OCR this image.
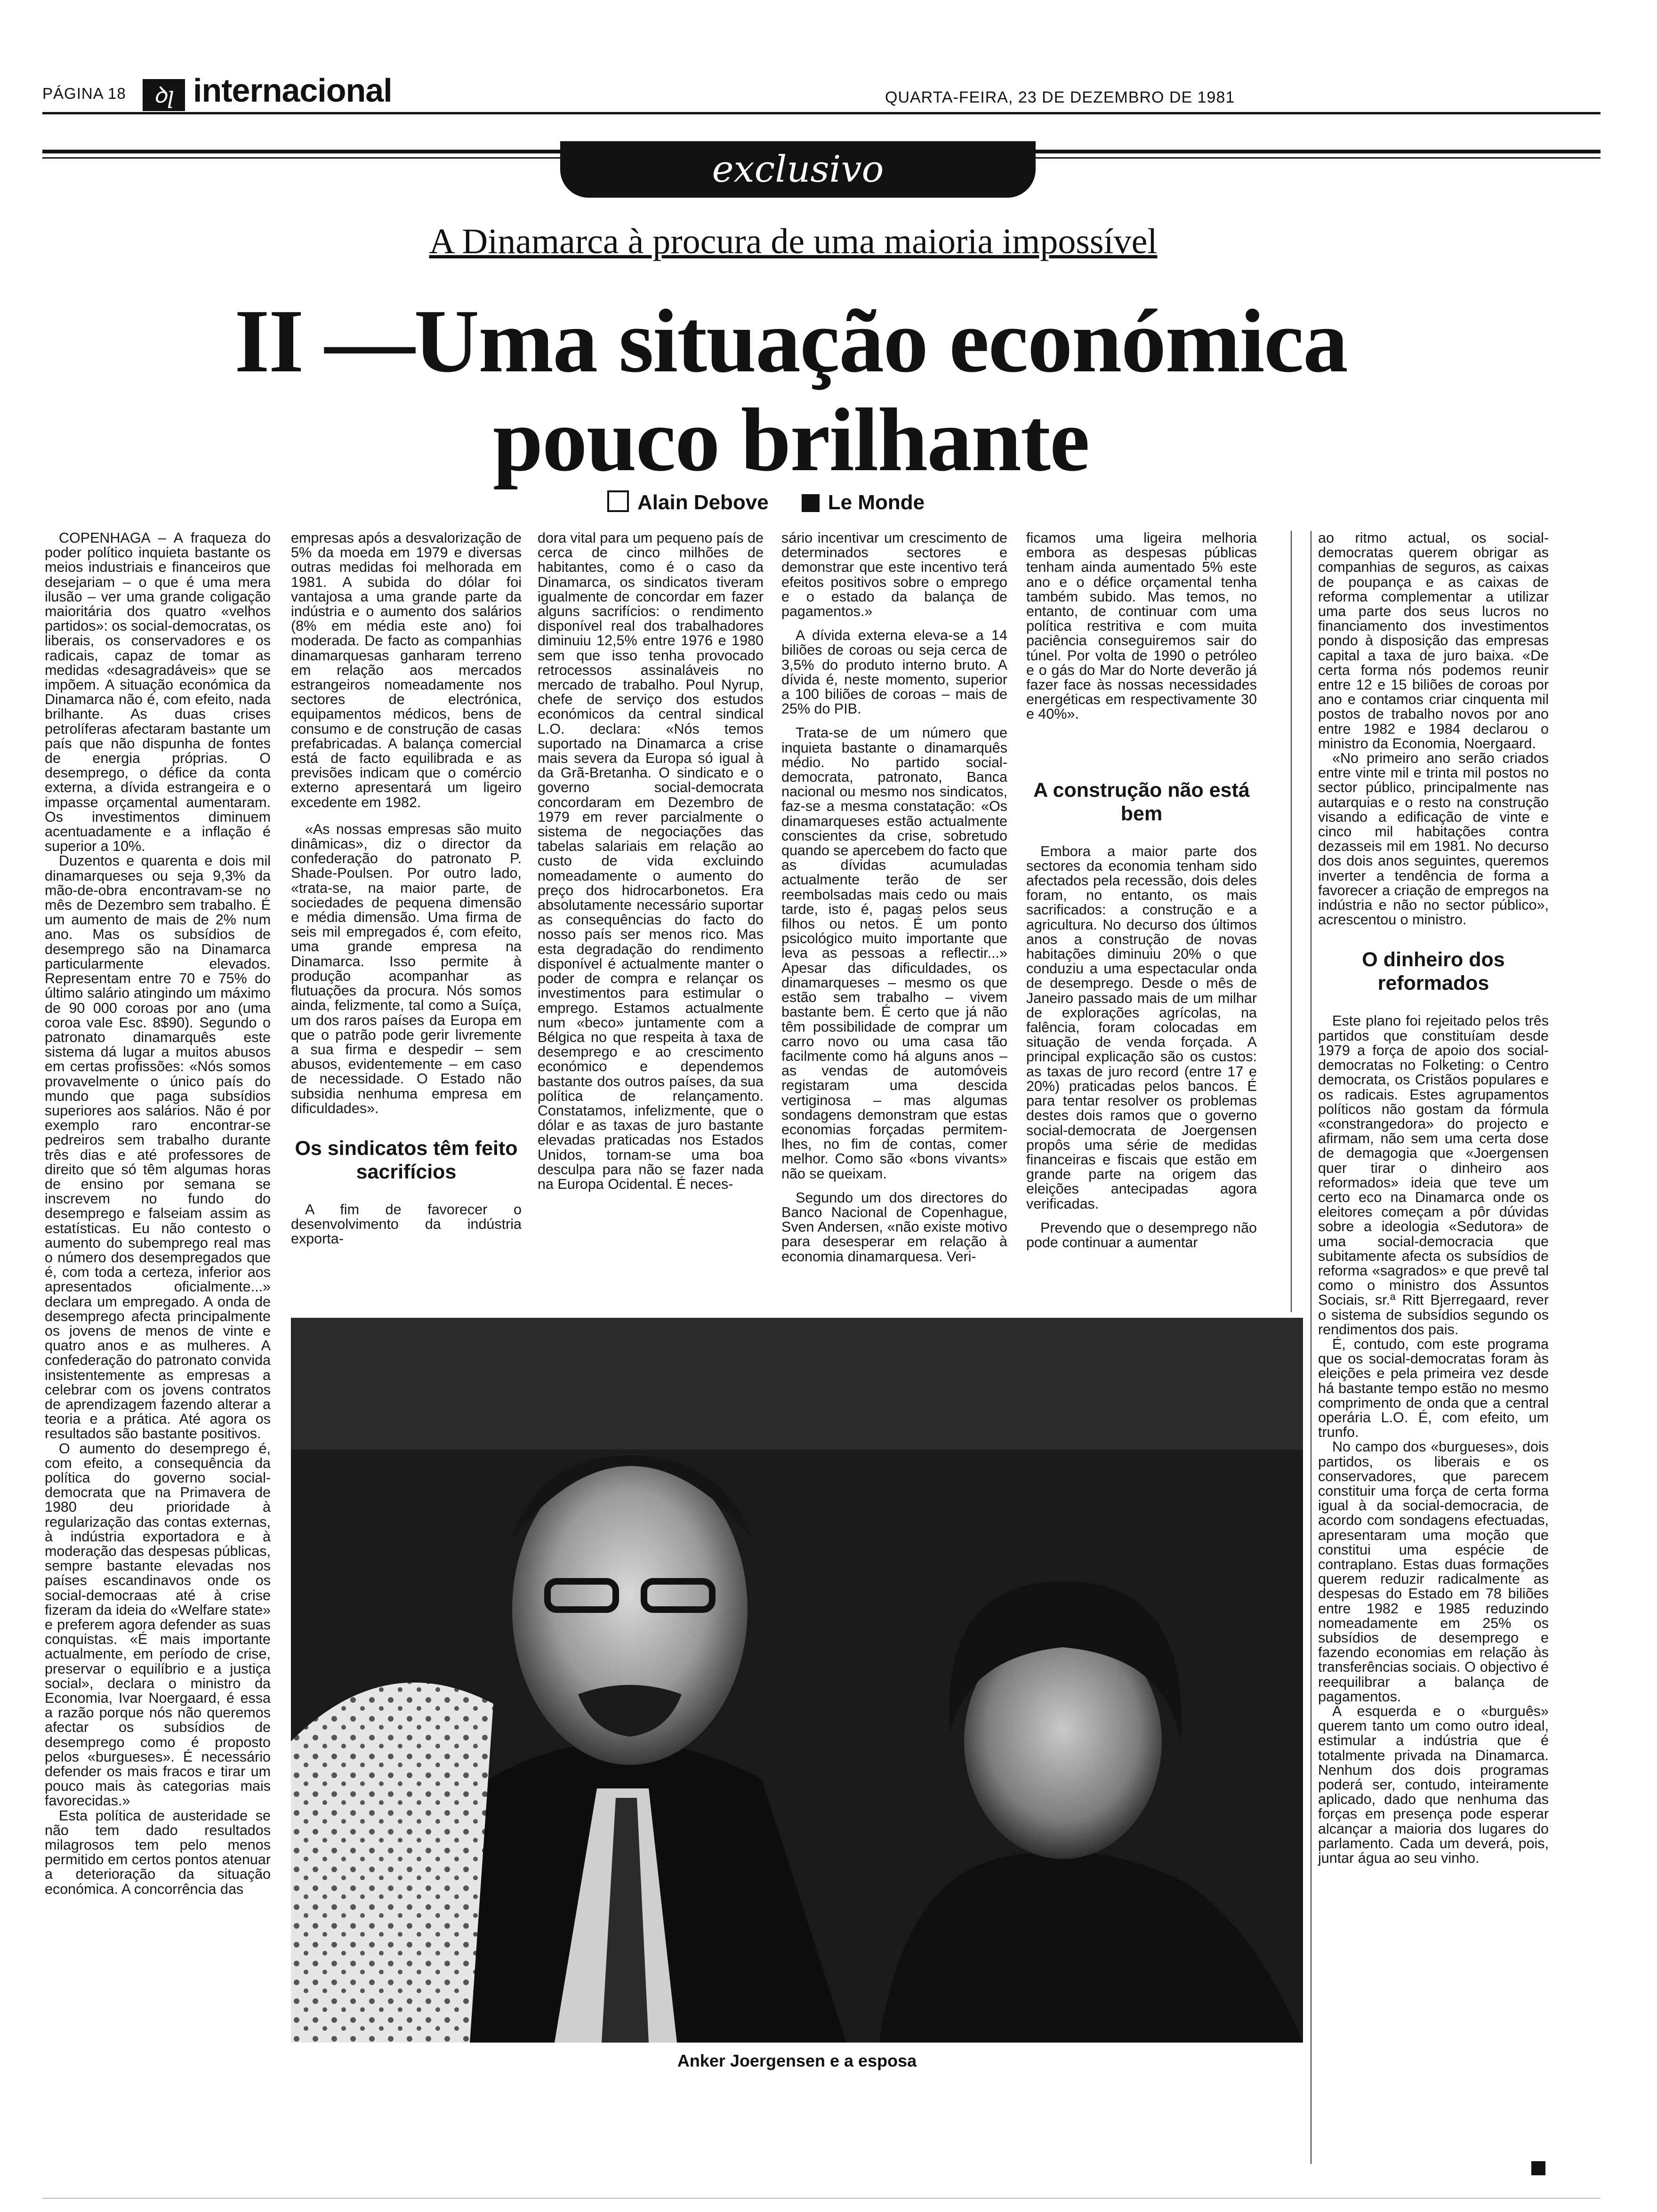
PÁGINA 18	ꝺꞁ internacional	QUARTA-FEIRA, 23 DE DEZEMBRO DE 1981
exclusivo
A Dinamarca à procura de uma maioria impossível
II —Uma situação económica
pouco brilhante
Alain Debove	Le Monde

COPENHAGA – A fraqueza do poder político inquieta bastante os meios industriais e financeiros que desejariam – o que é uma mera ilusão – ver uma grande coligação maioritária dos quatro «velhos partidos»: os social-democratas, os liberais, os conservadores e os radicais, capaz de tomar as medidas «desagradáveis» que se impõem. A situação económica da Dinamarca não é, com efeito, nada brilhante. As duas crises petrolíferas afectaram bastante um país que não dispunha de fontes de energia próprias. O desemprego, o défice da conta externa, a dívida estrangeira e o impasse orçamental aumentaram. Os investimentos diminuem acentuadamente e a inflação é superior a 10%.

Duzentos e quarenta e dois mil dinamarqueses ou seja 9,3% da mão-de-obra encontravam-se no mês de Dezembro sem trabalho. É um aumento de mais de 2% num ano. Mas os subsídios de desemprego são na Dinamarca particularmente elevados. Representam entre 70 e 75% do último salário atingindo um máximo de 90 000 coroas por ano (uma coroa vale Esc. 8$90). Segundo o patronato dinamarquês este sistema dá lugar a muitos abusos em certas profissões: «Nós somos provavelmente o único país do mundo que paga subsídios superiores aos salários. Não é por exemplo raro encontrar-se pedreiros sem trabalho durante três dias e até professores de direito que só têm algumas horas de ensino por semana se inscrevem no fundo do desemprego e falseiam assim as estatísticas. Eu não contesto o aumento do subemprego real mas o número dos desempregados que é, com toda a certeza, inferior aos apresentados oficialmente...» declara um empregado. A onda de desemprego afecta principalmente os jovens de menos de vinte e quatro anos e as mulheres. A confederação do patronato convida insistentemente as empresas a celebrar com os jovens contratos de aprendizagem fazendo alterar a teoria e a prática. Até agora os resultados são bastante positivos.

O aumento do desemprego é, com efeito, a consequência da política do governo social-democrata que na Primavera de 1980 deu prioridade à regularização das contas externas, à indústria exportadora e à moderação das despesas públicas, sempre bastante elevadas nos países escandinavos onde os social-democraas até à crise fizeram da ideia do «Welfare state» e preferem agora defender as suas conquistas. «É mais importante actualmente, em período de crise, preservar o equilíbrio e a justiça social», declara o ministro da Economia, Ivar Noergaard, é essa a razão porque nós não queremos afectar os subsídios de desemprego como é proposto pelos «burgueses». É necessário defender os mais fracos e tirar um pouco mais às categorias mais favorecidas.»

Esta política de austeridade se não tem dado resultados milagrosos tem pelo menos permitido em certos pontos atenuar a deterioração da situação económica. A concorrência das

empresas após a desvalorização de 5% da moeda em 1979 e diversas outras medidas foi melhorada em 1981. A subida do dólar foi vantajosa a uma grande parte da indústria e o aumento dos salários (8% em média este ano) foi moderada. De facto as companhias dinamarquesas ganharam terreno em relação aos mercados estrangeiros nomeadamente nos sectores de electrónica, equipamentos médicos, bens de consumo e de construção de casas prefabricadas. A balança comercial está de facto equilibrada e as previsões indicam que o comércio externo apresentará um ligeiro excedente em 1982.

«As nossas empresas são muito dinâmicas», diz o director da confederação do patronato P. Shade-Poulsen. Por outro lado, «trata-se, na maior parte, de sociedades de pequena dimensão e média dimensão. Uma firma de seis mil empregados é, com efeito, uma grande empresa na Dinamarca. Isso permite à produção acompanhar as flutuações da procura. Nós somos ainda, felizmente, tal como a Suíça, um dos raros países da Europa em que o patrão pode gerir livremente a sua firma e despedir – sem abusos, evidentemente – em caso de necessidade. O Estado não subsidia nenhuma empresa em dificuldades».

Os sindicatos têm feito sacrifícios

A fim de favorecer o desenvolvimento da indústria exporta-

dora vital para um pequeno país de cerca de cinco milhões de habitantes, como é o caso da Dinamarca, os sindicatos tiveram igualmente de concordar em fazer alguns sacrifícios: o rendimento disponível real dos trabalhadores diminuiu 12,5% entre 1976 e 1980 sem que isso tenha provocado retrocessos assinaláveis no mercado de trabalho. Poul Nyrup, chefe de serviço dos estudos económicos da central sindical L.O. declara: «Nós temos suportado na Dinamarca a crise mais severa da Europa só igual à da Grã-Bretanha. O sindicato e o governo social-democrata concordaram em Dezembro de 1979 em rever parcialmente o sistema de negociações das tabelas salariais em relação ao custo de vida excluindo nomeadamente o aumento do preço dos hidrocarbonetos. Era absolutamente necessário suportar as consequências do facto do nosso país ser menos rico. Mas esta degradação do rendimento disponível é actualmente manter o poder de compra e relançar os investimentos para estimular o emprego. Estamos actualmente num «beco» juntamente com a Bélgica no que respeita à taxa de desemprego e ao crescimento económico e dependemos bastante dos outros países, da sua política de relançamento. Constatamos, infelizmente, que o dólar e as taxas de juro bastante elevadas praticadas nos Estados Unidos, tornam-se uma boa desculpa para não se fazer nada na Europa Ocidental. É neces-

sário incentivar um crescimento de determinados sectores e demonstrar que este incentivo terá efeitos positivos sobre o emprego e o estado da balança de pagamentos.»

A dívida externa eleva-se a 14 biliões de coroas ou seja cerca de 3,5% do produto interno bruto. A dívida é, neste momento, superior a 100 biliões de coroas – mais de 25% do PIB.

Trata-se de um número que inquieta bastante o dinamarquês médio. No partido social-democrata, patronato, Banca nacional ou mesmo nos sindicatos, faz-se a mesma constatação: «Os dinamarqueses estão actualmente conscientes da crise, sobretudo quando se apercebem do facto que as dívidas acumuladas actualmente terão de ser reembolsadas mais cedo ou mais tarde, isto é, pagas pelos seus filhos ou netos. É um ponto psicológico muito importante que leva as pessoas a reflectir...» Apesar das dificuldades, os dinamarqueses – mesmo os que estão sem trabalho – vivem bastante bem. É certo que já não têm possibilidade de comprar um carro novo ou uma casa tão facilmente como há alguns anos – as vendas de automóveis registaram uma descida vertiginosa – mas algumas sondagens demonstram que estas economias forçadas permitem-lhes, no fim de contas, comer melhor. Como são «bons vivants» não se queixam.

Segundo um dos directores do Banco Nacional de Copenhague, Sven Andersen, «não existe motivo para desesperar em relação à economia dinamarquesa. Veri-

ficamos uma ligeira melhoria embora as despesas públicas tenham ainda aumentado 5% este ano e o défice orçamental tenha também subido. Mas temos, no entanto, de continuar com uma política restritiva e com muita paciência conseguiremos sair do túnel. Por volta de 1990 o petróleo e o gás do Mar do Norte deverão já fazer face às nossas necessidades energéticas em respectivamente 30 e 40%».

A construção não está bem

Embora a maior parte dos sectores da economia tenham sido afectados pela recessão, dois deles foram, no entanto, os mais sacrificados: a construção e a agricultura. No decurso dos últimos anos a construção de novas habitações diminuiu 20% o que conduziu a uma espectacular onda de desemprego. Desde o mês de Janeiro passado mais de um milhar de explorações agrícolas, na falência, foram colocadas em situação de venda forçada. A principal explicação são os custos: as taxas de juro record (entre 17 e 20%) praticadas pelos bancos. É para tentar resolver os problemas destes dois ramos que o governo social-democrata de Joergensen propôs uma série de medidas financeiras e fiscais que estão em grande parte na origem das eleições antecipadas agora verificadas.

Prevendo que o desemprego não pode continuar a aumentar

ao ritmo actual, os social-democratas querem obrigar as companhias de seguros, as caixas de poupança e as caixas de reforma complementar a utilizar uma parte dos seus lucros no financiamento dos investimentos pondo à disposição das empresas capital a taxa de juro baixa. «De certa forma nós podemos reunir entre 12 e 15 biliões de coroas por ano e contamos criar cinquenta mil postos de trabalho novos por ano entre 1982 e 1984 declarou o ministro da Economia, Noergaard.

«No primeiro ano serão criados entre vinte mil e trinta mil postos no sector público, principalmente nas autarquias e o resto na construção visando a edificação de vinte e cinco mil habitações contra dezasseis mil em 1981. No decurso dos dois anos seguintes, queremos inverter a tendência de forma a favorecer a criação de empregos na indústria e não no sector público», acrescentou o ministro.

O dinheiro dos reformados

Este plano foi rejeitado pelos três partidos que constituíam desde 1979 a força de apoio dos social-democratas no Folketing: o Centro democrata, os Cristãos populares e os radicais. Estes agrupamentos políticos não gostam da fórmula «constrangedora» do projecto e afirmam, não sem uma certa dose de demagogia que «Joergensen quer tirar o dinheiro aos reformados» ideia que teve um certo eco na Dinamarca onde os eleitores começam a pôr dúvidas sobre a ideologia «Sedutora» de uma social-democracia que subitamente afecta os subsídios de reforma «sagrados» e que prevê tal como o ministro dos Assuntos Sociais, sr.ª Ritt Bjerregaard, rever o sistema de subsídios segundo os rendimentos dos pais.

É, contudo, com este programa que os social-democratas foram às eleições e pela primeira vez desde há bastante tempo estão no mesmo comprimento de onda que a central operária L.O. É, com efeito, um trunfo.

No campo dos «burgueses», dois partidos, os liberais e os conservadores, que parecem constituir uma força de certa forma igual à da social-democracia, de acordo com sondagens efectuadas, apresentaram uma moção que constitui uma espécie de contraplano. Estas duas formações querem reduzir radicalmente as despesas do Estado em 78 biliões entre 1982 e 1985 reduzindo nomeadamente em 25% os subsídios de desemprego e fazendo economias em relação às transferências sociais. O objectivo é reequilibrar a balança de pagamentos.

A esquerda e o «burguês» querem tanto um como outro ideal, estimular a indústria que é totalmente privada na Dinamarca. Nenhum dos dois programas poderá ser, contudo, inteiramente aplicado, dado que nenhuma das forças em presença pode esperar alcançar a maioria dos lugares do parlamento. Cada um deverá, pois, juntar água ao seu vinho.

Anker Joergensen e a esposa
